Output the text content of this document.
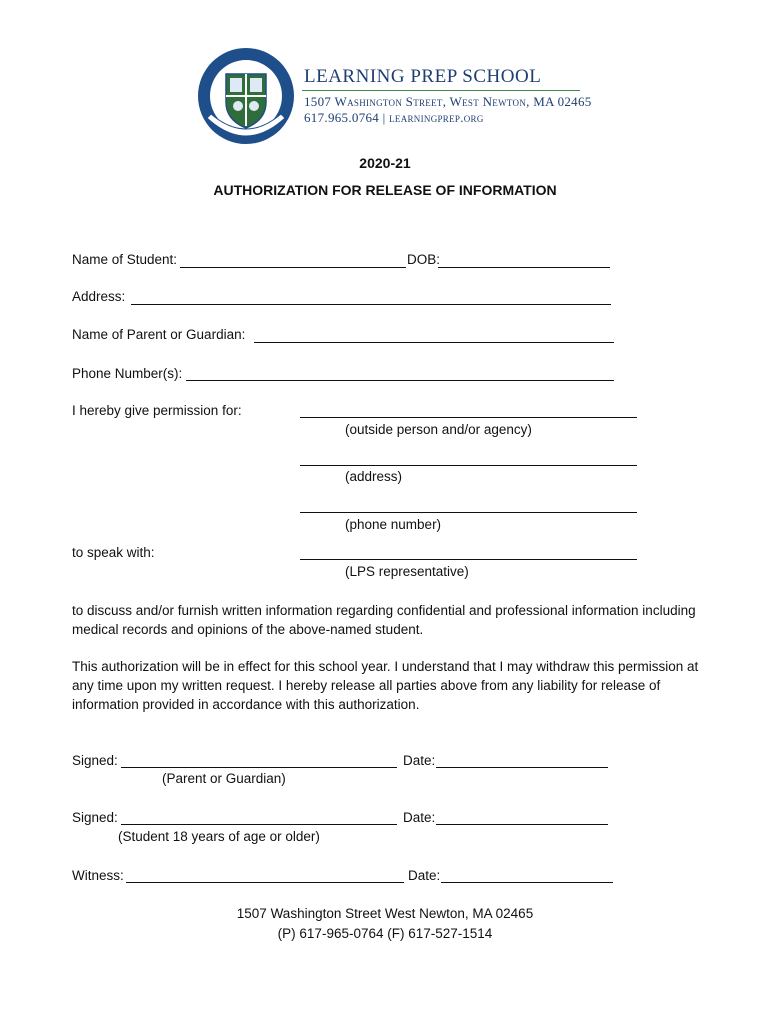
LEARNING PREP SCHOOL
1507 Washington Street, West Newton, MA 02465
617.965.0764 | learningprep.org
2020-21
AUTHORIZATION FOR RELEASE OF INFORMATION
Name of Student:	DOB:
Address:
Name of Parent or Guardian:
Phone Number(s):
I hereby give permission for:
(outside person and/or agency)
(address)
(phone number)
to speak with:
(LPS representative)
to discuss and/or furnish written information regarding confidential and professional information including medical records and opinions of the above-named student.
This authorization will be in effect for this school year. I understand that I may withdraw this permission at any time upon my written request. I hereby release all parties above from any liability for release of information provided in accordance with this authorization.
Signed:	Date:
(Parent or Guardian)
Signed:	Date:
(Student 18 years of age or older)
Witness:	Date:
1507 Washington Street West Newton, MA 02465
(P) 617-965-0764 (F) 617-527-1514
